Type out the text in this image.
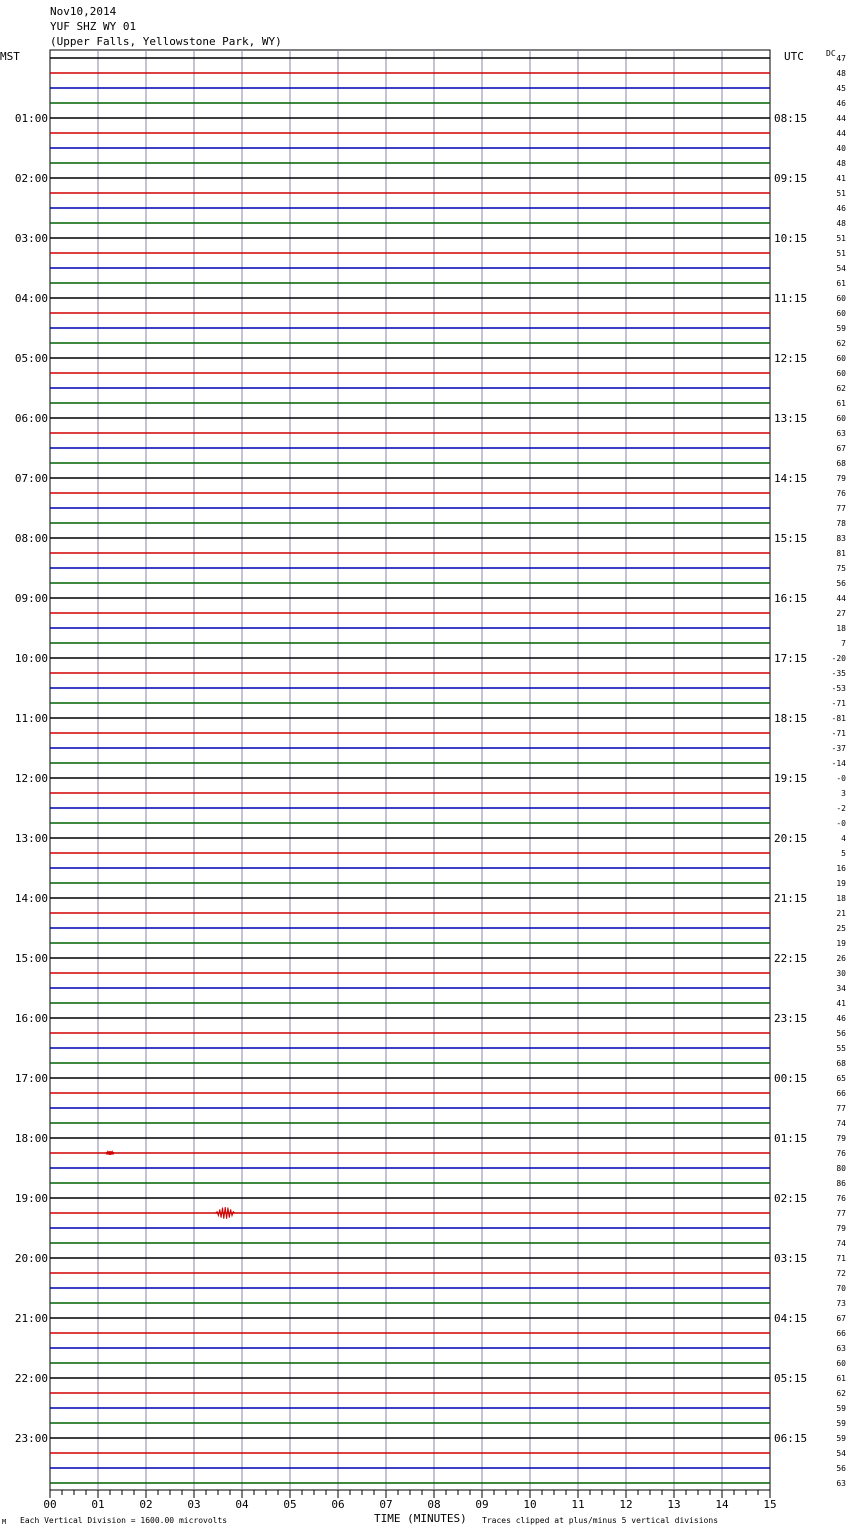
Nov10,2014
YUF SHZ WY 01
(Upper Falls, Yellowstone Park, WY)
MST	UTC	DC
47
48
45
46
44
44
40
48
41
51
46
48
51
51
54
61
60
60
59
62
60
60
62
61
60
63
67
68
79
76
77
78
83
81
75
56
44
27
18
7
-20
-35
-53
-71
-81
-71
-37
-14
-0
3
-2
-0
4
5
16
19
18
21
25
19
26
30
34
41
46
56
55
68
65
66
77
74
79
76
80
86
76
77
79
74
71
72
70
73
67
66
63
60
61
62
59
59
59
54
56
63
01:00
02:00
03:00
04:00
05:00
06:00
07:00
08:00
09:00
10:00
11:00
12:00
13:00
14:00
15:00
16:00
17:00
18:00
19:00
20:00
21:00
22:00
23:00
08:15
09:15
10:15
11:15
12:15
13:15
14:15
15:15
16:15
17:15
18:15
19:15
20:15
21:15
22:15
23:15
00:15
01:15
02:15
03:15
04:15
05:15
06:15
00	01	02	03	04	05	06	07	08	09	10	11	12	13	14	15
M Each Vertical Division = 1600.00 microvolts	TIME (MINUTES) Traces clipped at plus/minus 5 vertical divisions
